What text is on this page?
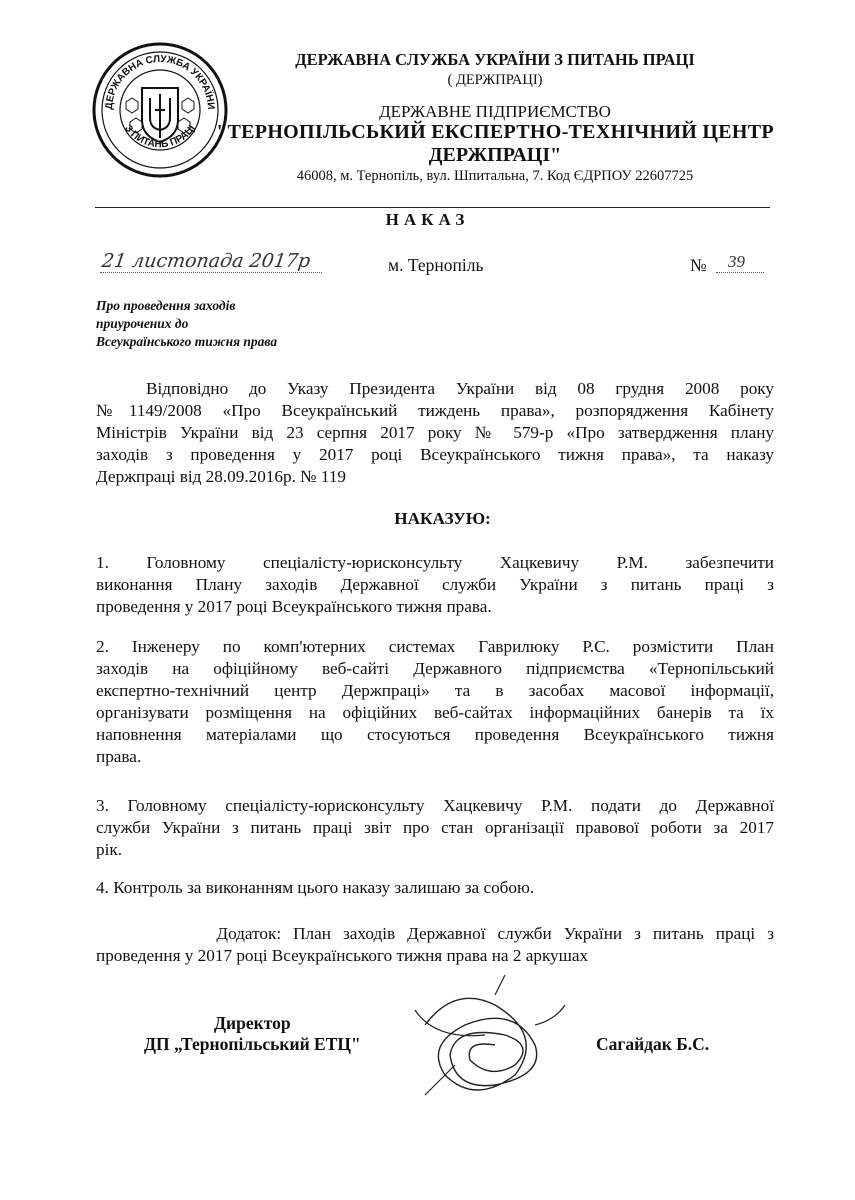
ДЕРЖАВНА СЛУЖБА УКРАЇНИ
З ПИТАНЬ ПРАЦІ
ДЕРЖАВНА СЛУЖБА УКРАЇНИ З ПИТАНЬ ПРАЦІ
( ДЕРЖПРАЦІ)
ДЕРЖАВНЕ ПІДПРИЄМСТВО
"ТЕРНОПІЛЬСЬКИЙ ЕКСПЕРТНО-ТЕХНІЧНИЙ ЦЕНТР
ДЕРЖПРАЦІ"
46008, м. Тернопіль, вул. Шпитальна, 7. Код ЄДРПОУ 22607725
НАКАЗ
21 листопада 2017р	м. Тернопіль	№ 39
Про проведення заходів
приурочених до
Всеукраїнського тижня права
Відповідно до Указу Президента України від 08 грудня 2008 року
№1149/2008 «Про Всеукраїнський тиждень права», розпорядження Кабінету
Міністрів України від 23 серпня 2017 року № 579-р «Про затвердження плану
заходів з проведення у 2017 році Всеукраїнського тижня права», та наказу
Держпраці від 28.09.2016р. № 119
НАКАЗУЮ:
1. Головному спеціалісту-юрисконсульту Хацкевичу Р.М. забезпечити
виконання Плану заходів Державної служби України з питань праці з
проведення у 2017 році Всеукраїнського тижня права.
2. Інженеру по комп'ютерних системах Гаврилюку Р.С. розмістити План
заходів на офіційному веб-сайті Державного підприємства «Тернопільський
експертно-технічний центр Держпраці» та в засобах масової інформації,
організувати розміщення на офіційних веб-сайтах інформаційних банерів та їх
наповнення матеріалами що стосуються проведення Всеукраїнського тижня
права.
3. Головному спеціалісту-юрисконсульту Хацкевичу Р.М. подати до Державної
служби України з питань праці звіт про стан організації правової роботи за 2017
рік.
4. Контроль за виконанням цього наказу залишаю за собою.
Додаток: План заходів Державної служби України з питань праці з
проведення у 2017 році Всеукраїнського тижня права на 2 аркушах
Директор
ДП „Тернопільський ЕТЦ"	Сагайдак Б.С.
